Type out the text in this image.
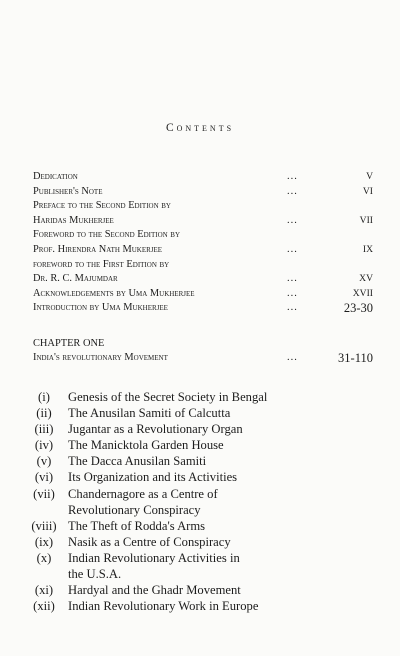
Contents
Dedication	...	V
Publisher's Note	...	VI
Preface to the Second Edition by
Haridas Mukherjee	...	VII
Foreword to the Second Edition by
Prof. Hirendra Nath Mukerjee	...	IX
foreword to the First Edition by
Dr. R. C. Majumdar	...	XV
Acknowledgements by Uma Mukherjee	...	XVII
Introduction by Uma Mukherjee	...	23-30
CHAPTER ONE
India's revolutionary Movement	...	31-110
(i)	Genesis of the Secret Society in Bengal
(ii)	The Anusilan Samiti of Calcutta
(iii)	Jugantar as a Revolutionary Organ
(iv)	The Manicktola Garden House
(v)	The Dacca Anusilan Samiti
(vi)	Its Organization and its Activities
(vii)	Chandernagore as a Centre of
Revolutionary Conspiracy
(viii) The Theft of Rodda's Arms
(ix)	Nasik as a Centre of Conspiracy
(x)	Indian Revolutionary Activities in
the U.S.A.
(xi)	Hardyal and the Ghadr Movement
(xii)	Indian Revolutionary Work in Europe
